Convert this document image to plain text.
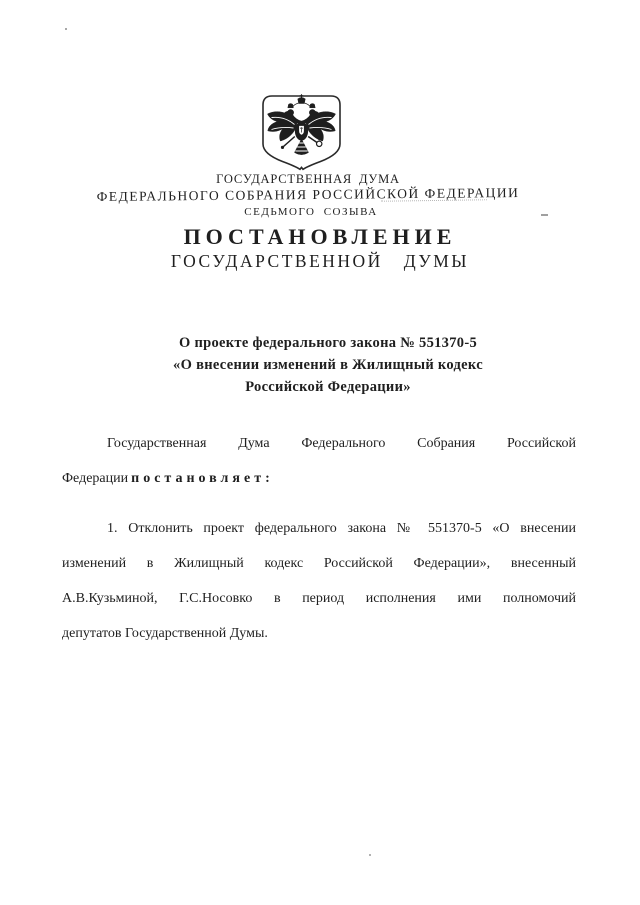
ГОСУДАРСТВЕННАЯ ДУМА
ФЕДЕРАЛЬНОГО СОБРАНИЯ РОССИЙСКОЙ ФЕДЕРАЦИИ
СЕДЬМОГО СОЗЫВА
ПОСТАНОВЛЕНИЕ
ГОСУДАРСТВЕННОЙ ДУМЫ
О проекте федерального закона № 551370-5
«О внесении изменений в Жилищный кодекс
Российской Федерации»
Государственная Дума Федерального Собрания Российской
Федерации постановляет:
1. Отклонить проект федерального закона № 551370-5 «О внесении
изменений в Жилищный кодекс Российской Федерации», внесенный
А.В.Кузьминой, Г.С.Носовко в период исполнения ими полномочий
депутатов Государственной Думы.
